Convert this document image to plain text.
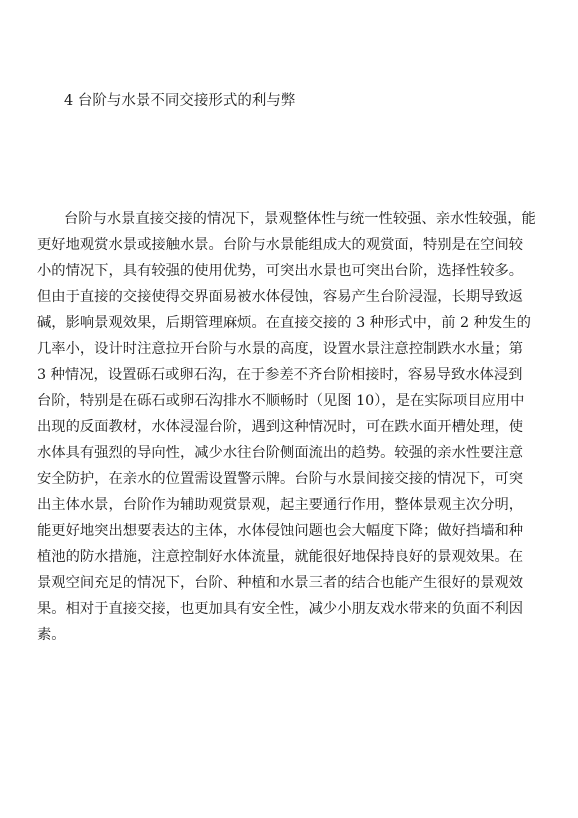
4 台阶与水景不同交接形式的利与弊
台阶与水景直接交接的情况下，景观整体性与统一性较强、亲水性较强，能
更好地观赏水景或接触水景。台阶与水景能组成大的观赏面，特别是在空间较
小的情况下，具有较强的使用优势，可突出水景也可突出台阶，选择性较多。
但由于直接的交接使得交界面易被水体侵蚀，容易产生台阶浸湿，长期导致返
碱，影响景观效果，后期管理麻烦。在直接交接的 3 种形式中，前 2 种发生的
几率小，设计时注意拉开台阶与水景的高度，设置水景注意控制跌水水量；第
3 种情况，设置砾石或卵石沟，在于参差不齐台阶相接时，容易导致水体浸到
台阶，特别是在砾石或卵石沟排水不顺畅时（见图 10），是在实际项目应用中
出现的反面教材，水体浸湿台阶，遇到这种情况时，可在跌水面开槽处理，使
水体具有强烈的导向性，减少水往台阶侧面流出的趋势。较强的亲水性要注意
安全防护，在亲水的位置需设置警示牌。台阶与水景间接交接的情况下，可突
出主体水景，台阶作为辅助观赏景观，起主要通行作用，整体景观主次分明，
能更好地突出想要表达的主体，水体侵蚀问题也会大幅度下降；做好挡墙和种
植池的防水措施，注意控制好水体流量，就能很好地保持良好的景观效果。在
景观空间充足的情况下，台阶、种植和水景三者的结合也能产生很好的景观效
果。相对于直接交接，也更加具有安全性，减少小朋友戏水带来的负面不利因
素。
